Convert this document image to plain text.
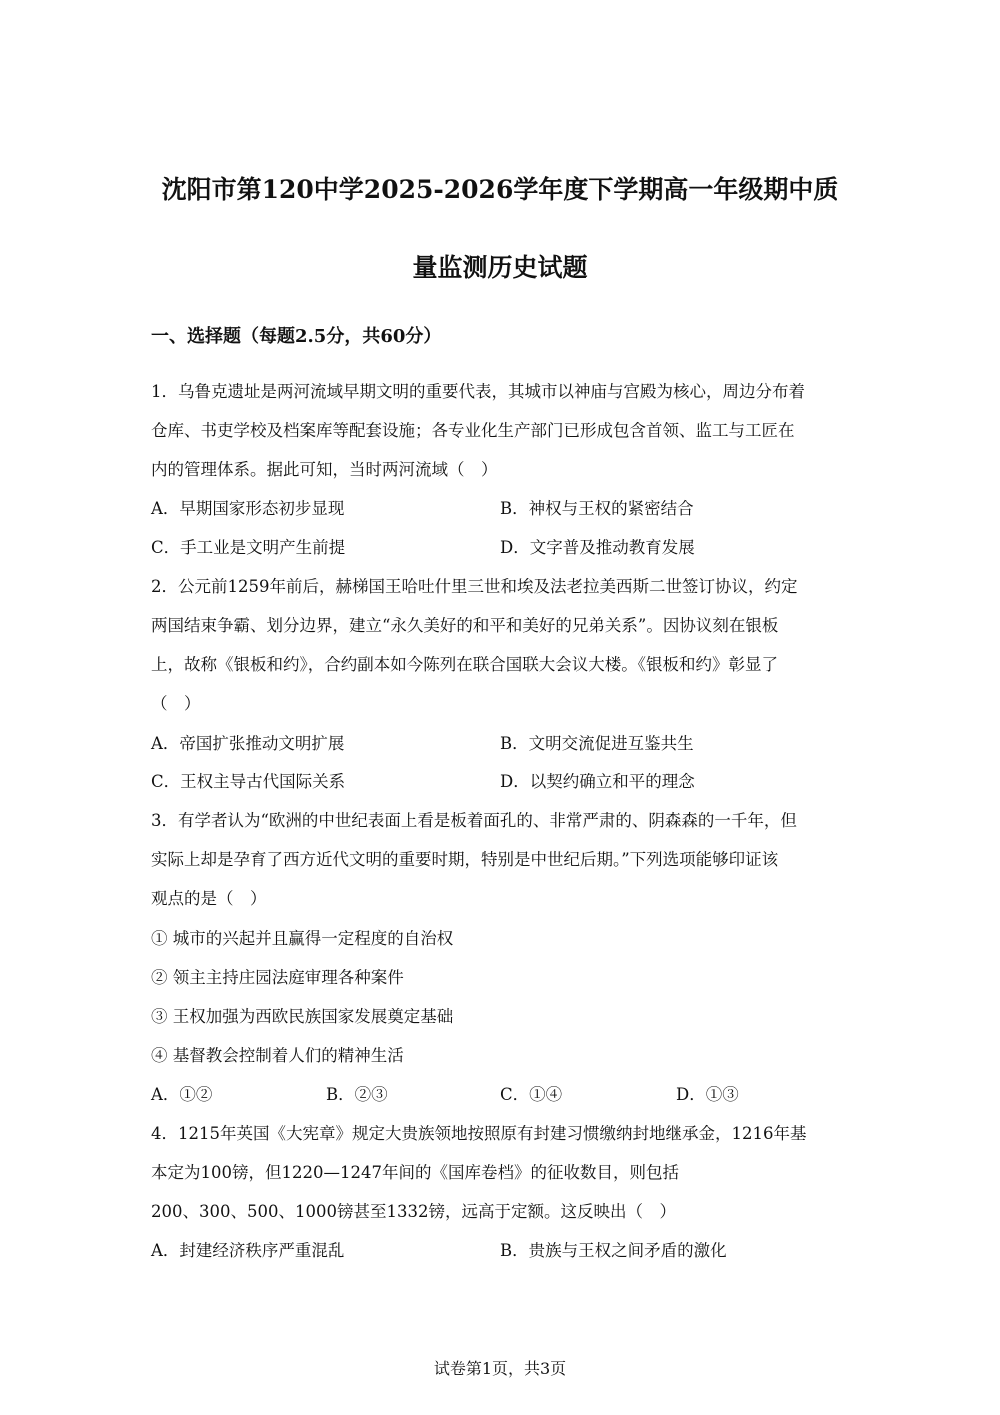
沈阳市第120中学2025-2026学年度下学期高一年级期中质
量监测历史试题
一、选择题（每题2.5分，共60分）
1．乌鲁克遗址是两河流域早期文明的重要代表，其城市以神庙与宫殿为核心，周边分布着
仓库、书吏学校及档案库等配套设施；各专业化生产部门已形成包含首领、监工与工匠在
内的管理体系。据此可知，当时两河流域（　）
A．早期国家形态初步显现	B．神权与王权的紧密结合
C．手工业是文明产生前提	D．文字普及推动教育发展
2．公元前1259年前后，赫梯国王哈吐什里三世和埃及法老拉美西斯二世签订协议，约定
两国结束争霸、划分边界，建立“永久美好的和平和美好的兄弟关系”。因协议刻在银板
上，故称《银板和约》，合约副本如今陈列在联合国联大会议大楼。《银板和约》彰显了
（　）
A．帝国扩张推动文明扩展	B．文明交流促进互鉴共生
C．王权主导古代国际关系	D．以契约确立和平的理念
3．有学者认为“欧洲的中世纪表面上看是板着面孔的、非常严肃的、阴森森的一千年，但
实际上却是孕育了西方近代文明的重要时期，特别是中世纪后期。”下列选项能够印证该
观点的是（　）
① 城市的兴起并且赢得一定程度的自治权
② 领主主持庄园法庭审理各种案件
③ 王权加强为西欧民族国家发展奠定基础
④ 基督教会控制着人们的精神生活
A．①②	B．②③	C．①④	D．①③
4．1215年英国《大宪章》规定大贵族领地按照原有封建习惯缴纳封地继承金，1216年基
本定为100镑，但1220—1247年间的《国库卷档》的征收数目，则包括
200、300、500、1000镑甚至1332镑，远高于定额。这反映出（　）
A．封建经济秩序严重混乱	B．贵族与王权之间矛盾的激化
试卷第1页，共3页
